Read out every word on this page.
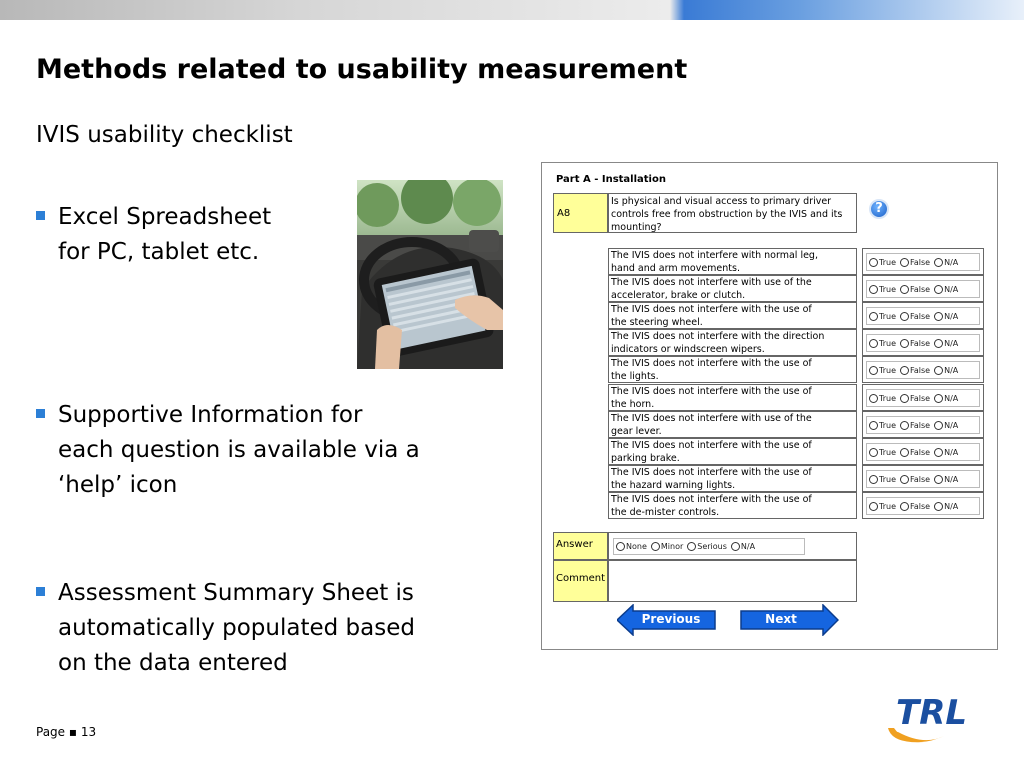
Methods related to usability measurement
IVIS usability checklist
Excel Spreadsheet
for PC, tablet etc.
Supportive Information for
each question is available via a
‘help’ icon
Assessment Summary Sheet is
automatically populated based
on the data entered
Part A - Installation
A8
Is physical and visual access to primary driver controls free from obstruction by the IVIS and its mounting?
?
The IVIS does not interfere with normal leg,
hand and arm movements.
True False N/A
The IVIS does not interfere with use of the
accelerator, brake or clutch.
True False N/A
The IVIS does not interfere with the use of
the steering wheel.
True False N/A
The IVIS does not interfere with the direction
indicators or windscreen wipers.
True False N/A
The IVIS does not interfere with the use of
the lights.
True False N/A
The IVIS does not interfere with the use of
the horn.
True False N/A
The IVIS does not interfere with use of the
gear lever.
True False N/A
The IVIS does not interfere with the use of
parking brake.
True False N/A
The IVIS does not interfere with the use of
the hazard warning lights.
True False N/A
The IVIS does not interfere with the use of
the de-mister controls.
True False N/A
Answer	None Minor Serious N/A
Comment
Previous	Next
Page ▪ 13	TRL
